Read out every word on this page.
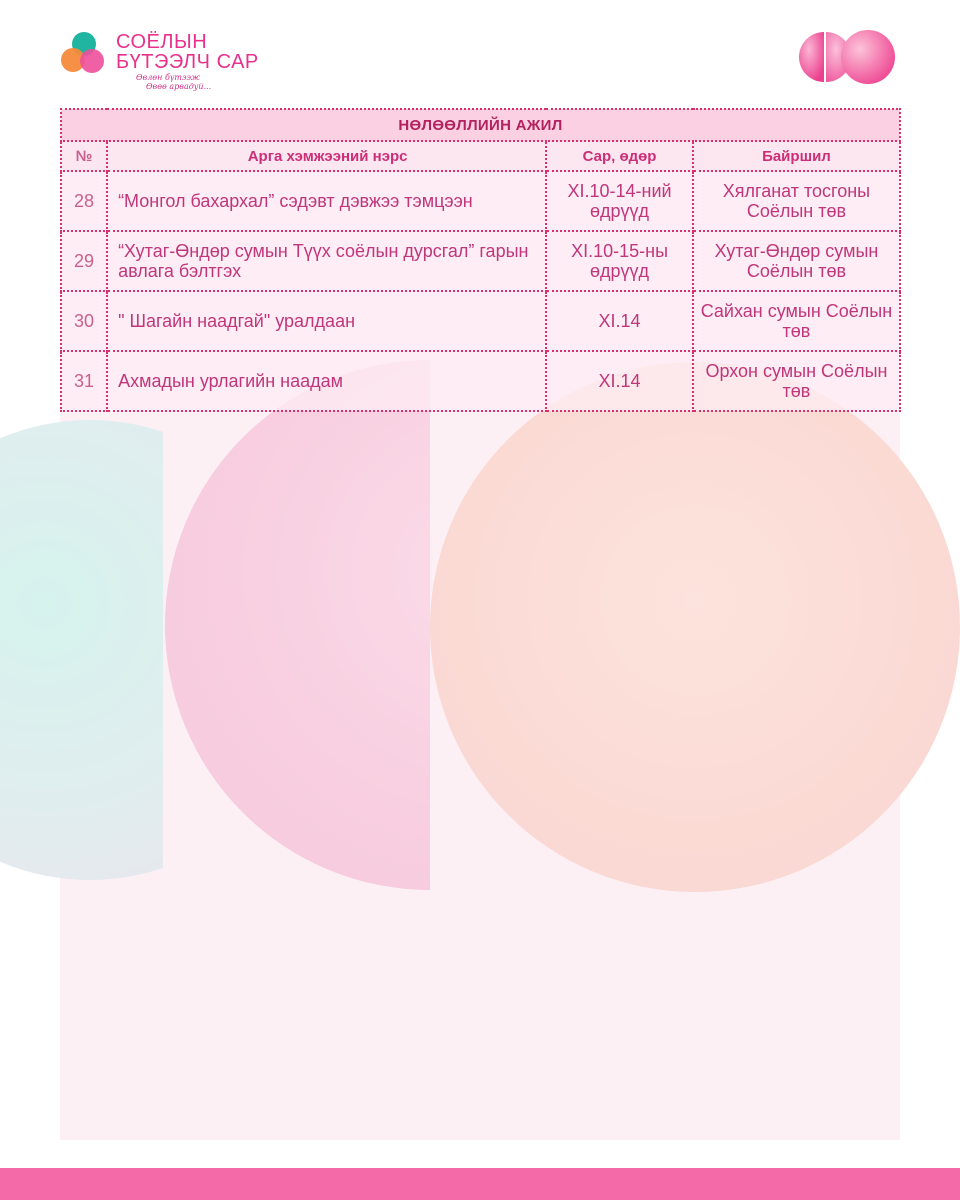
СОЁЛЫН
БҮТЭЭЛЧ САР
Өвлөн бүтээж
Өвөө арвадуй...
НӨЛӨӨЛЛИЙН АЖИЛ			
№	Арга хэмжээний нэрс	Сар, өдөр	Байршил
28	“Монгол бахархал” сэдэвт дэвжээ тэмцээн	XI.10-14-ний өдрүүд	Хялганат тосгоны Соёлын төв
29	“Хутаг-Өндөр сумын Түүх соёлын дурсгал” гарын авлага бэлтгэх	XI.10-15-ны өдрүүд	Хутаг-Өндөр сумын Соёлын төв
30	" Шагайн наадгай" уралдаан	XI.14	Сайхан сумын Соёлын төв
31	Ахмадын урлагийн наадам	XI.14	Орхон сумын Соёлын төв
